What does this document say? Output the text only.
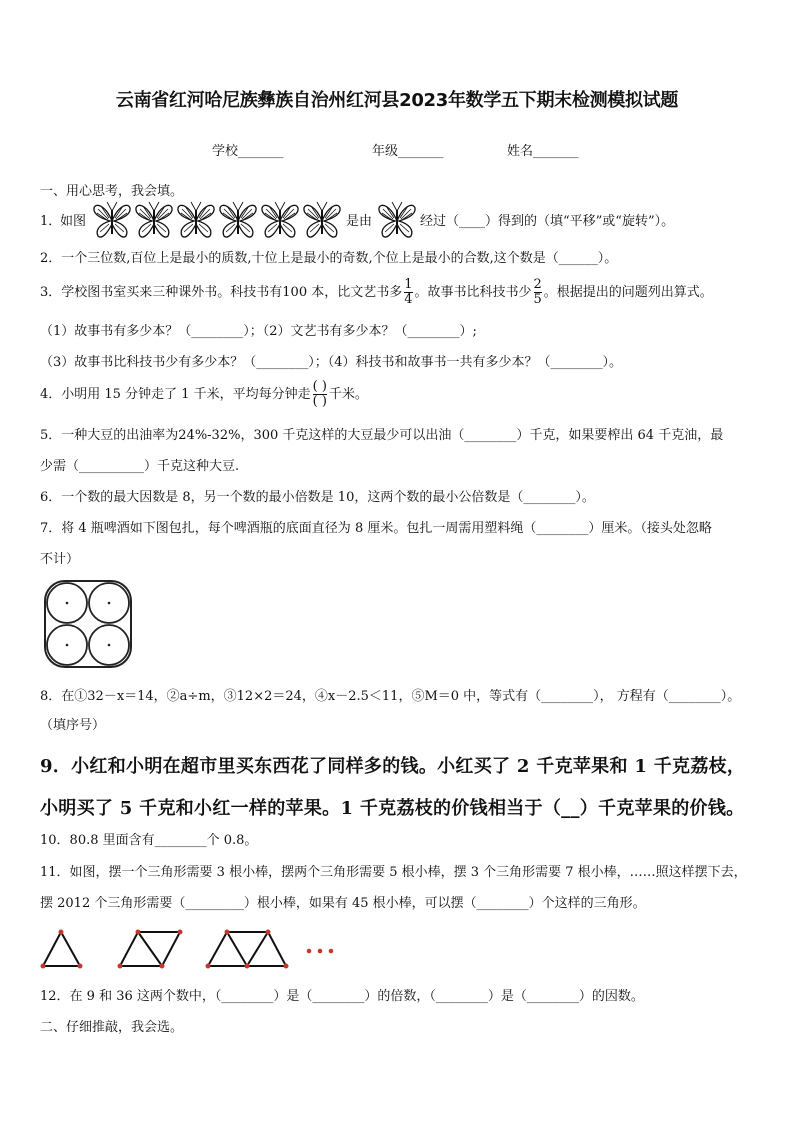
云南省红河哈尼族彝族自治州红河县2023年数学五下期末检测模拟试题
学校_______	年级_______	姓名_______
一、用心思考，我会填。
1．
如图	是由	经过（____）得到的（填“平移”或“旋转”）。
2．一个三位数,百位上是最小的质数,十位上是最小的奇数,个位上是最小的合数,这个数是（______）。
3．学校图书室买来三种课外书。科技书有100 本，比文艺书多 $\frac{1}{4}$ 。故事书比科技书少 $\frac{2}{5}$ 。根据提出的问题列出算式。
（1）故事书有多少本？（________）；（2）文艺书有多少本？（________）;
（3）故事书比科技书少有多少本？（________）；（4）科技书和故事书一共有多少本？（________）。
4．小明用 15 分钟走了 1 千米，平均每分钟走 $\frac{( )}{( )}$ 千米。
5．一种大豆的出油率为24%-32%，300 千克这样的大豆最少可以出油（________）千克，如果要榨出 64 千克油，最
少需（__________）千克这种大豆.
6．一个数的最大因数是 8，另一个数的最小倍数是 10，这两个数的最小公倍数是（________）。
7．将 4 瓶啤酒如下图包扎，每个啤酒瓶的底面直径为 8 厘米。包扎一周需用塑料绳（________）厘米。（接头处忽略
不计）
8．在①32－x＝14，②a÷m，③12×2＝24，④x－2.5＜11，⑤M＝0 中，等式有（________）， 方程有（________）。
（填序号）
9．小红和小明在超市里买东西花了同样多的钱。小红买了 2 千克苹果和 1 千克荔枝，
小明买了 5 千克和小红一样的苹果。1 千克荔枝的价钱相当于（__）千克苹果的价钱。
10．80.8 里面含有________个 0.8。
11．如图，摆一个三角形需要 3 根小棒，摆两个三角形需要 5 根小棒，摆 3 个三角形需要 7 根小棒，……照这样摆下去，
摆 2012 个三角形需要（_________）根小棒，如果有 45 根小棒，可以摆（________）个这样的三角形。
12．在 9 和 36 这两个数中，（________）是（________）的倍数，（________）是（________）的因数。
二、仔细推敲，我会选。
